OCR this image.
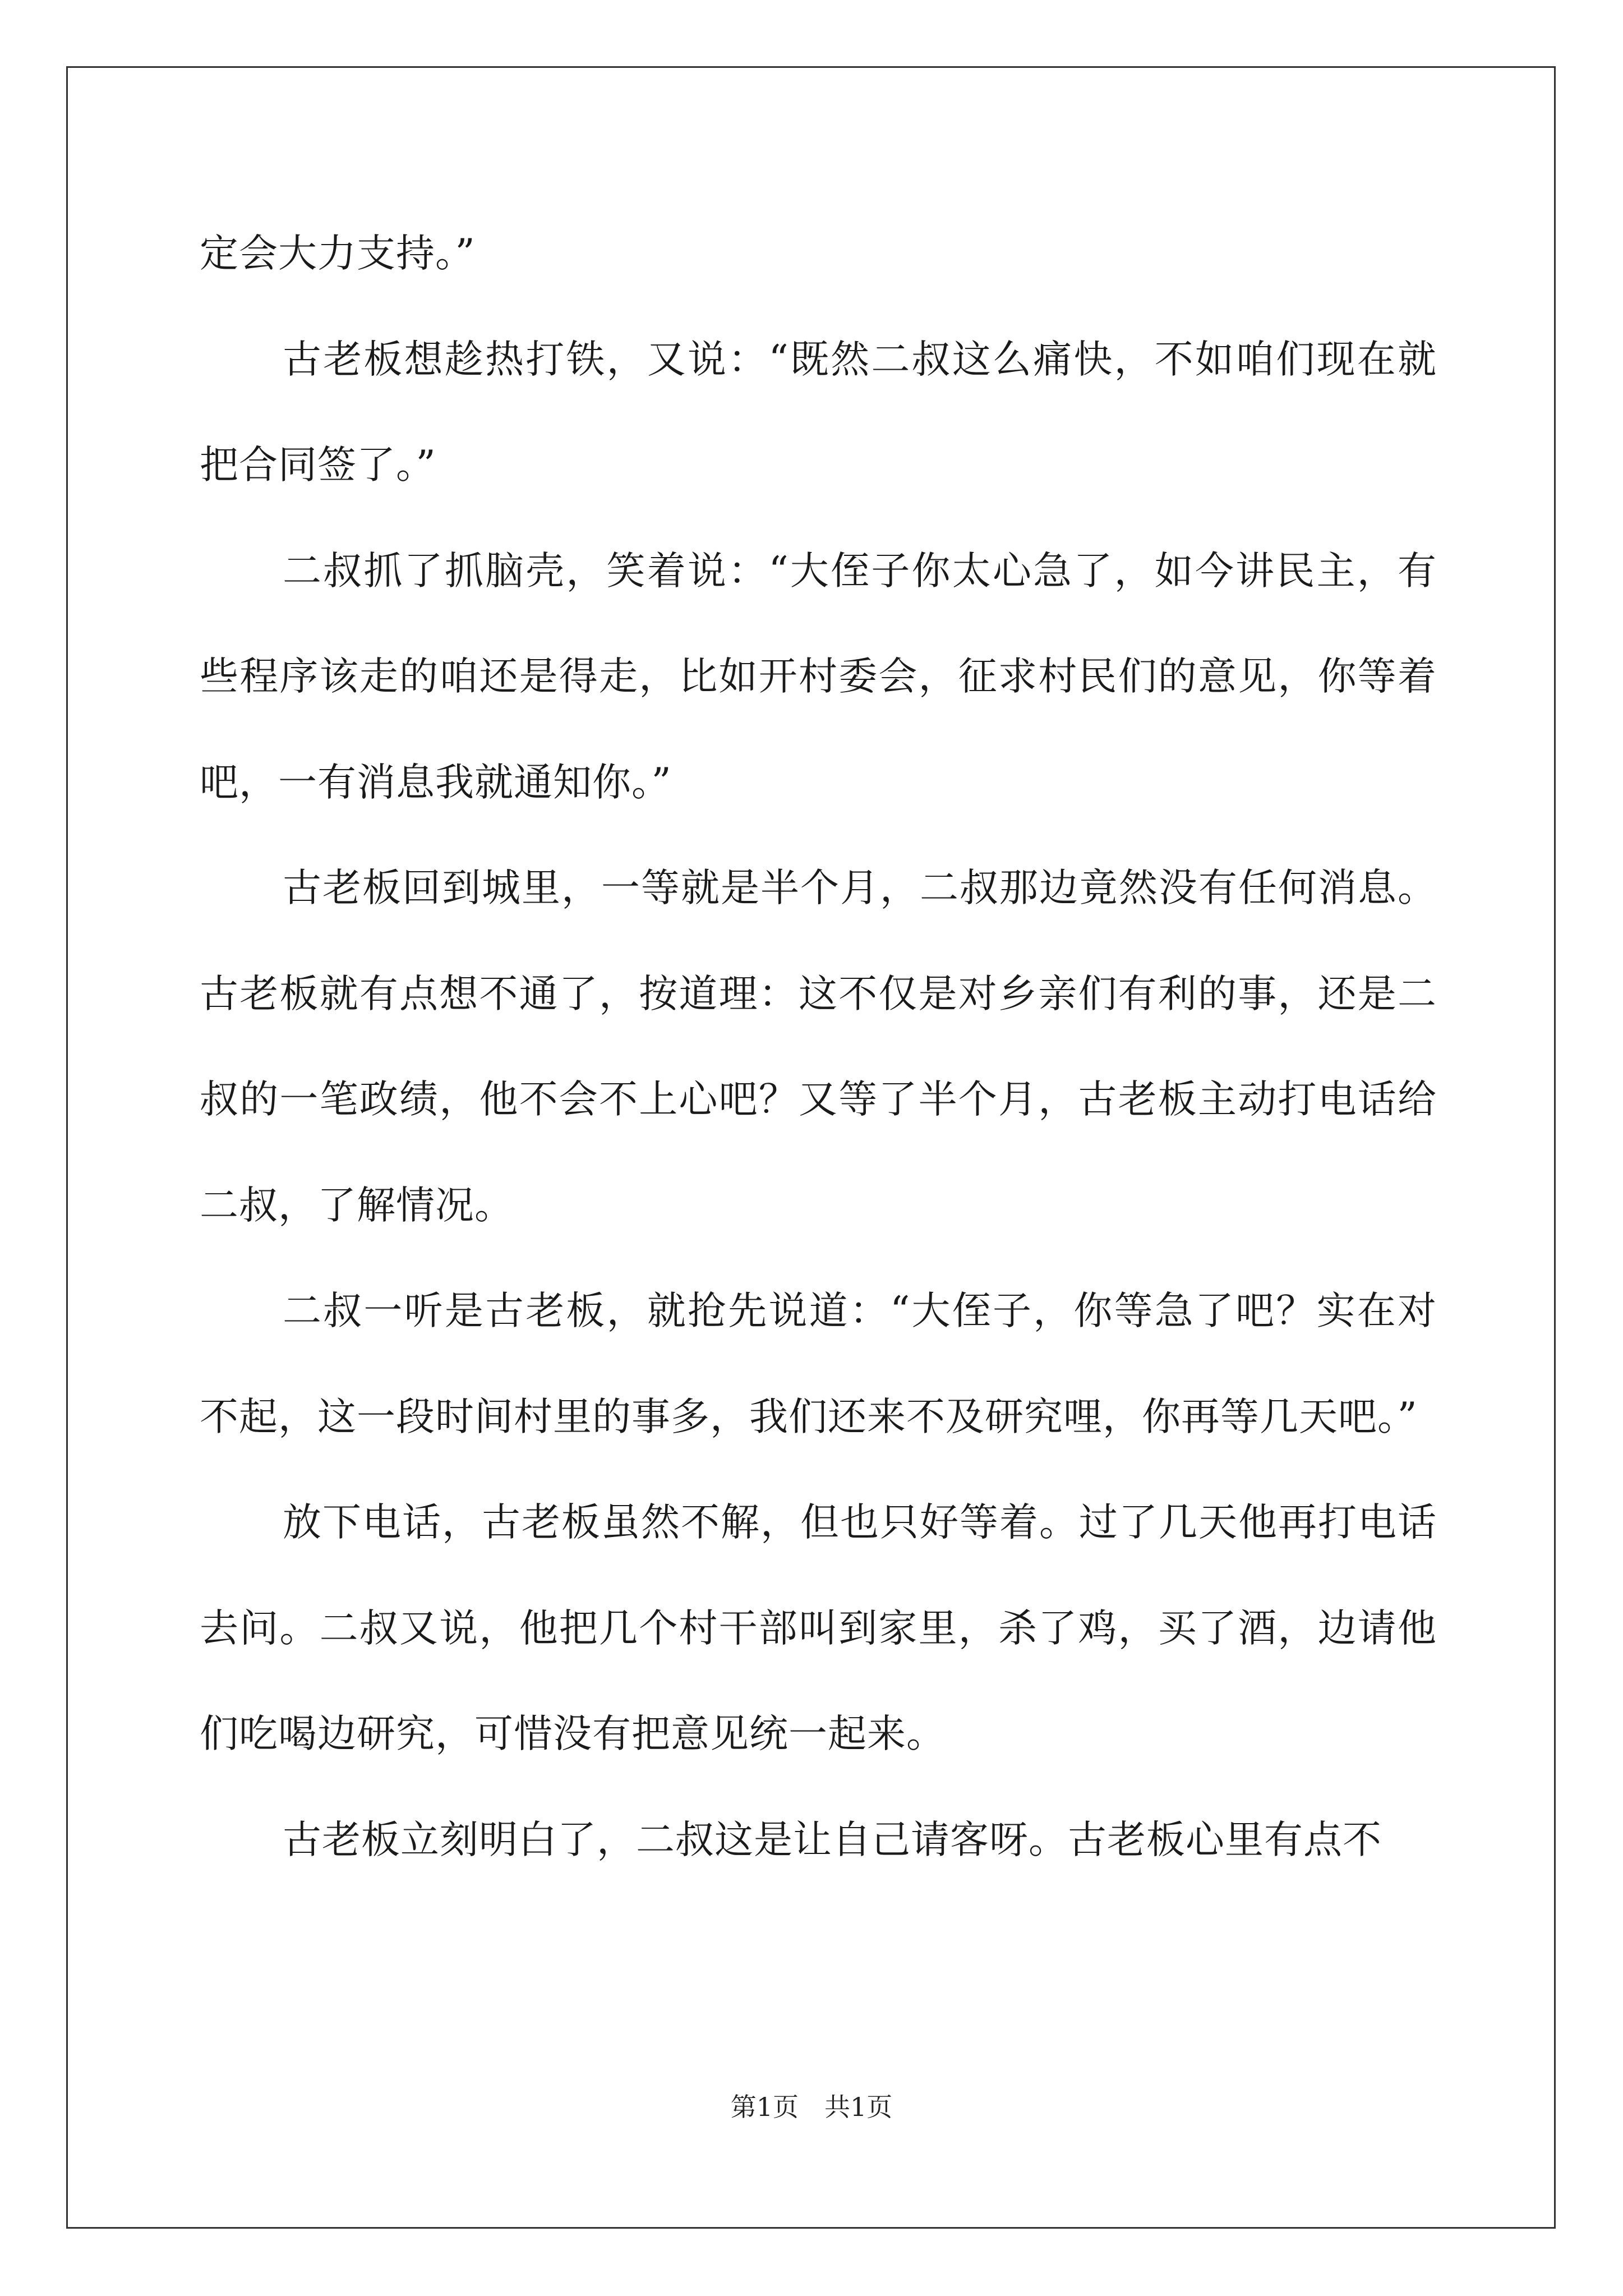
定会大力支持。”

古老板想趁热打铁，又说：“既然二叔这么痛快，不如咱们现在就把合同签了。”

二叔抓了抓脑壳，笑着说：“大侄子你太心急了，如今讲民主，有些程序该走的咱还是得走，比如开村委会，征求村民们的意见，你等着吧，一有消息我就通知你。”

古老板回到城里，一等就是半个月，二叔那边竟然没有任何消息。古老板就有点想不通了，按道理：这不仅是对乡亲们有利的事，还是二叔的一笔政绩，他不会不上心吧？又等了半个月，古老板主动打电话给二叔，了解情况。

二叔一听是古老板，就抢先说道：“大侄子，你等急了吧？实在对不起，这一段时间村里的事多，我们还来不及研究哩，你再等几天吧。”

放下电话，古老板虽然不解，但也只好等着。过了几天他再打电话去问。二叔又说，他把几个村干部叫到家里，杀了鸡，买了酒，边请他们吃喝边研究，可惜没有把意见统一起来。

古老板立刻明白了，二叔这是让自己请客呀。古老板心里有点不

第1页　共1页
